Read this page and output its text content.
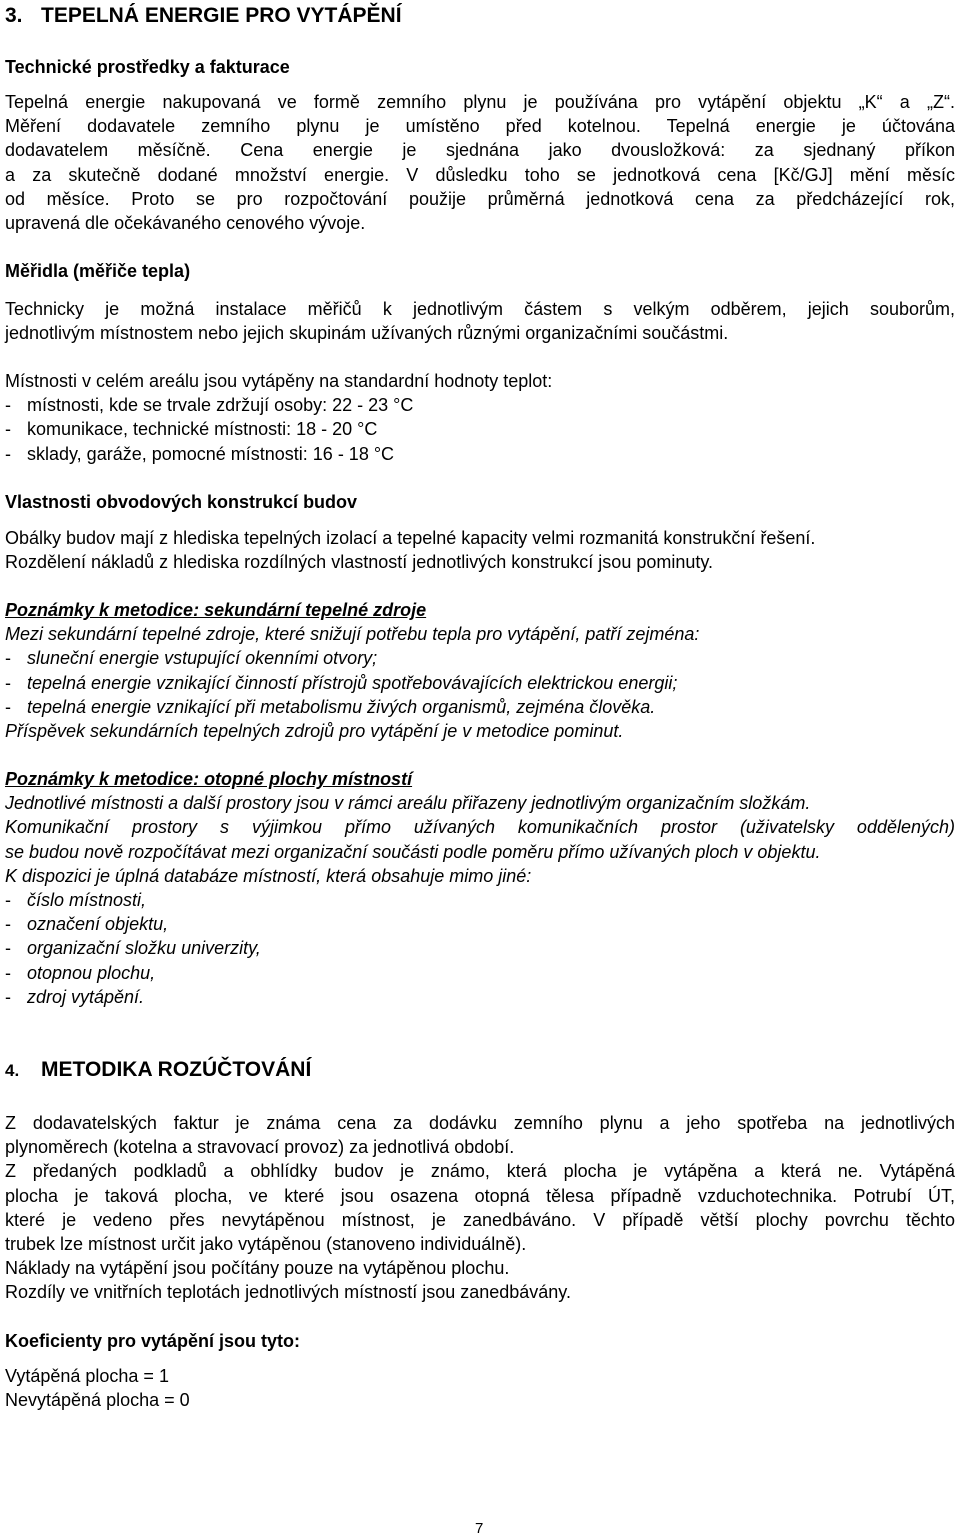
3. TEPELNÁ ENERGIE PRO VYTÁPĚNÍ
Technické prostředky a fakturace
Tepelná energie nakupovaná ve formě zemního plynu je používána pro vytápění objektu „K“ a „Z“.
Měření dodavatele zemního plynu je umístěno před kotelnou. Tepelná energie je účtována
dodavatelem měsíčně. Cena energie je sjednána jako dvousložková: za sjednaný příkon
a za skutečně dodané množství energie. V důsledku toho se jednotková cena [Kč/GJ] mění měsíc
od měsíce. Proto se pro rozpočtování použije průměrná jednotková cena za předcházející rok,
upravená dle očekávaného cenového vývoje.
Měřidla (měřiče tepla)
Technicky je možná instalace měřičů k jednotlivým částem s velkým odběrem, jejich souborům,
jednotlivým místnostem nebo jejich skupinám užívaných různými organizačními součástmi.
Místnosti v celém areálu jsou vytápěny na standardní hodnoty teplot:
- místnosti, kde se trvale zdržují osoby: 22 - 23 °C
- komunikace, technické místnosti: 18 - 20 °C
- sklady, garáže, pomocné místnosti: 16 - 18 °C
Vlastnosti obvodových konstrukcí budov
Obálky budov mají z hlediska tepelných izolací a tepelné kapacity velmi rozmanitá konstrukční řešení.
Rozdělení nákladů z hlediska rozdílných vlastností jednotlivých konstrukcí jsou pominuty.
Poznámky k metodice: sekundární tepelné zdroje
Mezi sekundární tepelné zdroje, které snižují potřebu tepla pro vytápění, patří zejména:
- sluneční energie vstupující okenními otvory;
- tepelná energie vznikající činností přístrojů spotřebovávajících elektrickou energii;
- tepelná energie vznikající při metabolismu živých organismů, zejména člověka.
Příspěvek sekundárních tepelných zdrojů pro vytápění je v metodice pominut.
Poznámky k metodice: otopné plochy místností
Jednotlivé místnosti a další prostory jsou v rámci areálu přiřazeny jednotlivým organizačním složkám.
Komunikační prostory s výjimkou přímo užívaných komunikačních prostor (uživatelsky oddělených)
se budou nově rozpočítávat mezi organizační součásti podle poměru přímo užívaných ploch v objektu.
K dispozici je úplná databáze místností, která obsahuje mimo jiné:
- číslo místnosti,
- označení objektu,
- organizační složku univerzity,
- otopnou plochu,
- zdroj vytápění.
4. METODIKA ROZÚČTOVÁNÍ
Z dodavatelských faktur je známa cena za dodávku zemního plynu a jeho spotřeba na jednotlivých
plynoměrech (kotelna a stravovací provoz) za jednotlivá období.
Z předaných podkladů a obhlídky budov je známo, která plocha je vytápěna a která ne. Vytápěná
plocha je taková plocha, ve které jsou osazena otopná tělesa případně vzduchotechnika. Potrubí ÚT,
které je vedeno přes nevytápěnou místnost, je zanedbáváno. V případě větší plochy povrchu těchto
trubek lze místnost určit jako vytápěnou (stanoveno individuálně).
Náklady na vytápění jsou počítány pouze na vytápěnou plochu.
Rozdíly ve vnitřních teplotách jednotlivých místností jsou zanedbávány.
Koeficienty pro vytápění jsou tyto:
Vytápěná plocha = 1
Nevytápěná plocha = 0
7
